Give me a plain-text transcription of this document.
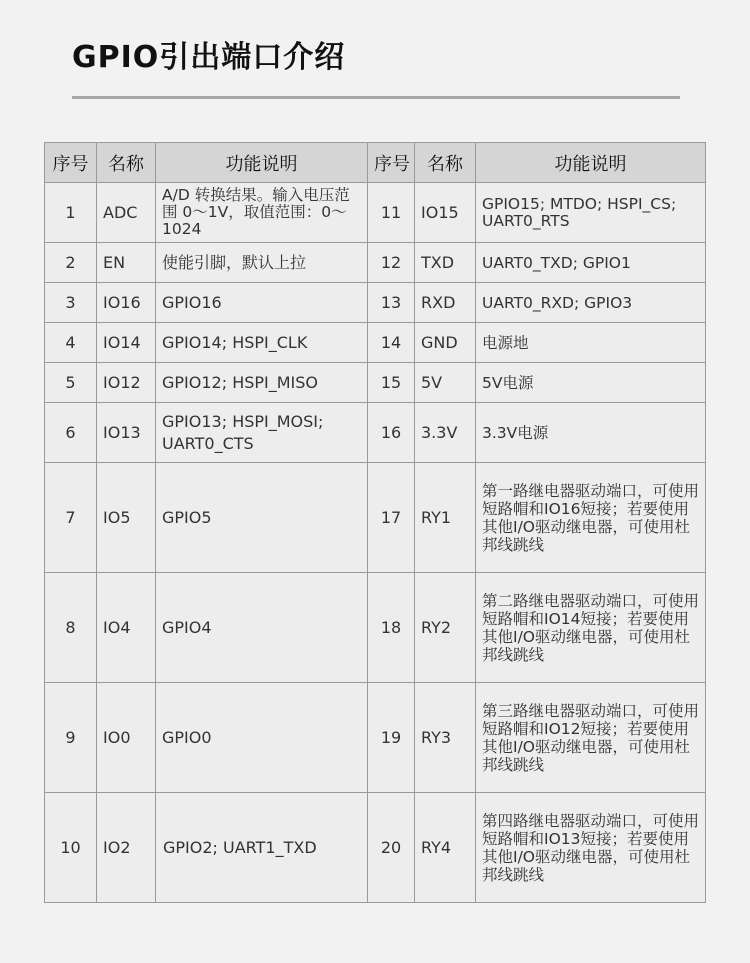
GPIO引出端口介绍
序号	名称	功能说明	序号	名称	功能说明
1	ADC	A/D 转换结果。输入电压范围 0～1V，取值范围：0～1024	11	IO15	GPIO15; MTDO; HSPI_CS; UART0_RTS
2	EN	使能引脚，默认上拉	12	TXD	UART0_TXD; GPIO1
3	IO16	GPIO16	13	RXD	UART0_RXD; GPIO3
4	IO14	GPIO14; HSPI_CLK	14	GND	电源地
5	IO12	GPIO12; HSPI_MISO	15	5V	5V电源
6	IO13	GPIO13; HSPI_MOSI; UART0_CTS	16	3.3V	3.3V电源
7	IO5	GPIO5	17	RY1	第一路继电器驱动端口，可使用短路帽和IO16短接；若要使用其他I/O驱动继电器，可使用杜邦线跳线
8	IO4	GPIO4	18	RY2	第二路继电器驱动端口，可使用短路帽和IO14短接；若要使用其他I/O驱动继电器，可使用杜邦线跳线
9	IO0	GPIO0	19	RY3	第三路继电器驱动端口，可使用短路帽和IO12短接；若要使用其他I/O驱动继电器，可使用杜邦线跳线
10	IO2	GPIO2; UART1_TXD	20	RY4	第四路继电器驱动端口，可使用短路帽和IO13短接；若要使用其他I/O驱动继电器，可使用杜邦线跳线
